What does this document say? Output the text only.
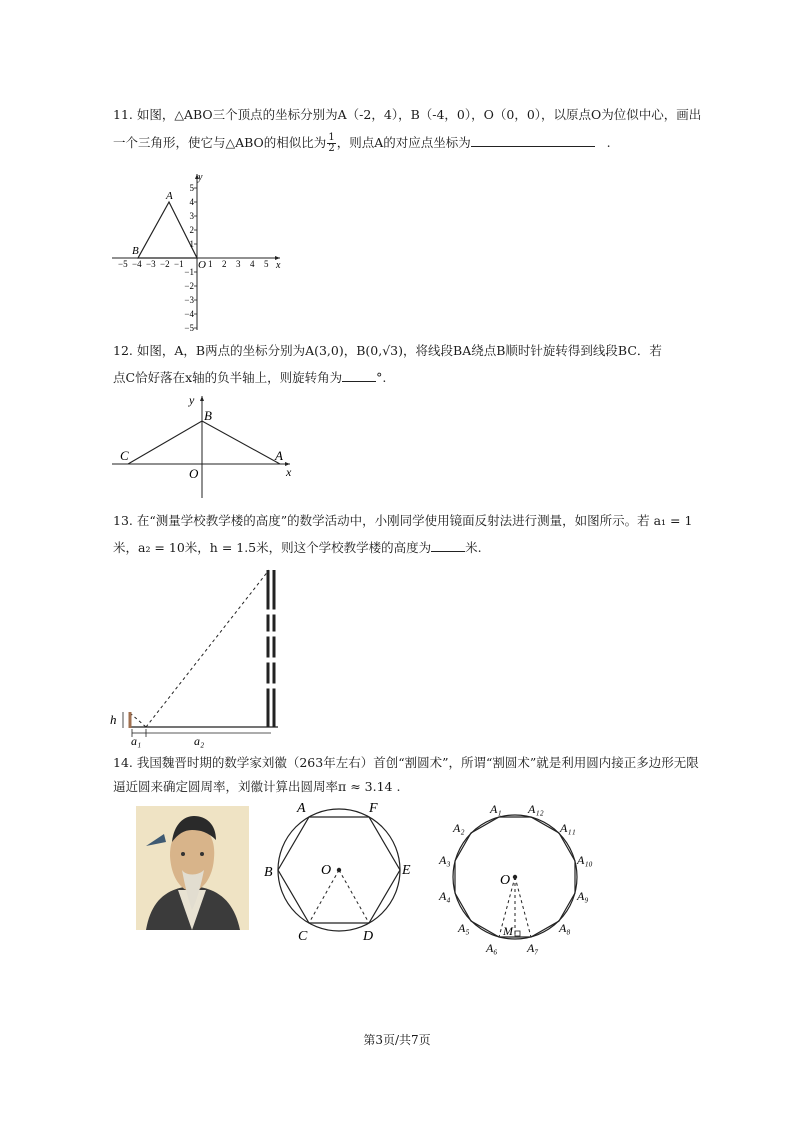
11. 如图，△ABO三个顶点的坐标分别为A（-2，4），B（-4，0），O（0，0），以原点O为位似中心，画出
一个三角形，使它与△ABO的相似比为 $\frac{1}{2}$ ，则点A的对应点坐标为	.
y
x
A
B
O
−5 −4 −3 −2 −1	1 2 3 4 5
5
4
3
2
1
−1
−2
−3
−4
−5
12. 如图，A，B两点的坐标分别为A(3,0)，B(0,√3)，将线段BA绕点B顺时针旋转得到线段BC．若
点C恰好落在x轴的负半轴上，则旋转角为	°.
y
x
B
C
O
A
13. 在“测量学校教学楼的高度”的数学活动中，小刚同学使用镜面反射法进行测量，如图所示。若 a₁ = 1
米，a₂ = 10米，h = 1.5米，则这个学校教学楼的高度为	米.
h
a₁	a₂
14. 我国魏晋时期的数学家刘徽（263年左右）首创“割圆术”，所谓“割圆术”就是利用圆内接正多边形无限
逼近圆来确定圆周率，刘徽计算出圆周率π ≈ 3.14 .
A	F
B	E
C	D
O
O
M
A₁ A₁₂
A₂	A₁₁
A₃	A₁₀
A₄	A₉
A₅	A₈
A₆ A₇
第3页/共7页
